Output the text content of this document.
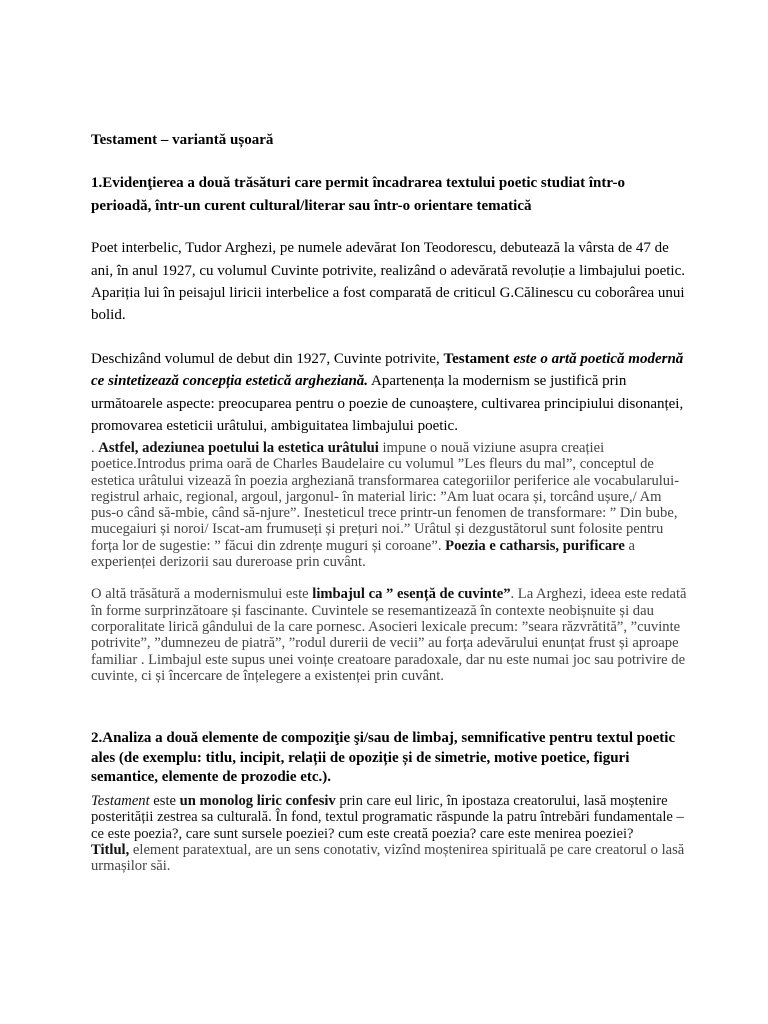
Testament – variantă ușoară

1.Evidenţierea a două trăsături care permit încadrarea textului poetic studiat într-o perioadă, într-un curent cultural/literar sau într-o orientare tematică

Poet interbelic, Tudor Arghezi, pe numele adevărat Ion Teodorescu, debutează la vârsta de 47 de ani, în anul 1927, cu volumul Cuvinte potrivite, realizând o adevărată revoluție a limbajului poetic. Apariția lui în peisajul liricii interbelice a fost comparată de criticul G.Călinescu cu coborârea unui bolid.

Deschizând volumul de debut din 1927, Cuvinte potrivite, Testament este o artă poetică modernă ce sintetizează concepția estetică argheziană. Apartenența la modernism se justifică prin următoarele aspecte: preocuparea pentru o poezie de cunoaștere, cultivarea principiului disonanței, promovarea esteticii urâtului, ambiguitatea limbajului poetic.

. Astfel, adeziunea poetului la estetica urâtului impune o nouă viziune asupra creației poetice.Introdus prima oară de Charles Baudelaire cu volumul ”Les fleurs du mal”, conceptul de estetica urâtului vizează în poezia argheziană transformarea categoriilor periferice ale vocabularului-registrul arhaic, regional, argoul, jargonul- în material liric: ”Am luat ocara și, torcând ușure,/ Am pus-o când să-mbie, când să-njure”. Inesteticul trece printr-un fenomen de transformare: ” Din bube, mucegaiuri și noroi/ Iscat-am frumuseți și prețuri noi.” Urâtul și dezgustătorul sunt folosite pentru forța lor de sugestie: ” făcui din zdrențe muguri și coroane”. Poezia e catharsis, purificare a experienței derizorii sau dureroase prin cuvânt.

O altă trăsătură a modernismului este limbajul ca ” esență de cuvinte”. La Arghezi, ideea este redată în forme surprinzătoare și fascinante. Cuvintele se resemantizează în contexte neobișnuite și dau corporalitate lirică gândului de la care pornesc. Asocieri lexicale precum: ”seara răzvrătită”, ”cuvinte potrivite”, ”dumnezeu de piatră”, ”rodul durerii de vecii” au forța adevărului enunțat frust și aproape familiar . Limbajul este supus unei voințe creatoare paradoxale, dar nu este numai joc sau potrivire de cuvinte, ci și încercare de înțelegere a existenței prin cuvânt.

2.Analiza a două elemente de compoziţie şi/sau de limbaj, semnificative pentru textul poetic ales (de exemplu: titlu, incipit, relații de opoziție și de simetrie, motive poetice, figuri semantice, elemente de prozodie etc.).

Testament este un monolog liric confesiv prin care eul liric, în ipostaza creatorului, lasă moștenire posterității zestrea sa culturală. În fond, textul programatic răspunde la patru întrebări fundamentale – ce este poezia?, care sunt sursele poeziei? cum este creată poezia? care este menirea poeziei?

Titlul, element paratextual, are un sens conotativ, vizînd moștenirea spirituală pe care creatorul o lasă urmașilor săi.
